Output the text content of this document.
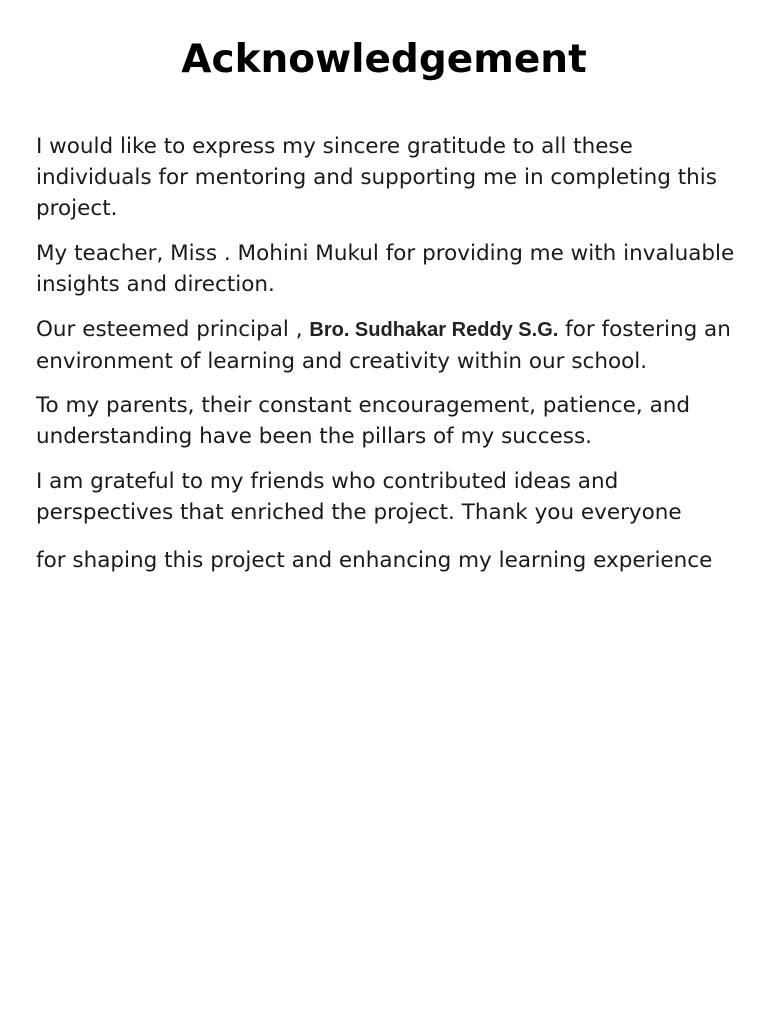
Acknowledgement

I would like to express my sincere gratitude to all these individuals for mentoring and supporting me in completing this project.

My teacher, Miss . Mohini Mukul for providing me with invaluable insights and direction.

Our esteemed principal , Bro. Sudhakar Reddy S.G. for fostering an environment of learning and creativity within our school.

To my parents, their constant encouragement, patience, and understanding have been the pillars of my success.

I am grateful to my friends who contributed ideas and perspectives that enriched the project. Thank you everyone

for shaping this project and enhancing my learning experience
